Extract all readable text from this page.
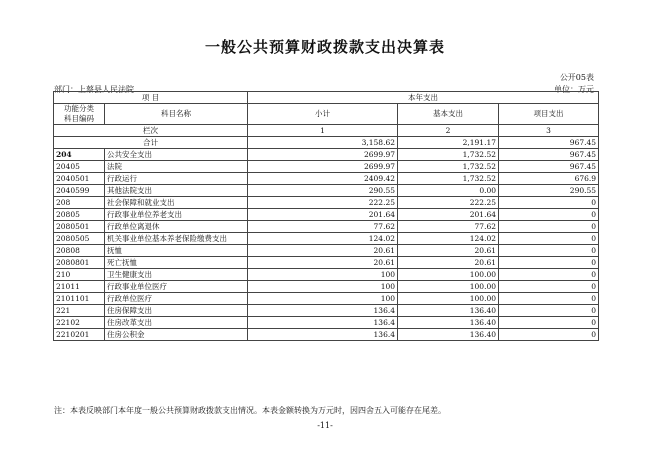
一般公共预算财政拨款支出决算表
公开05表
部门：上蔡县人民法院	单位：万元
项 目		本年支出		

功能分类
科目编码	科目名称	小计	基本支出	项目支出
栏次		1	2	3
合计		3,158.62	2,191.17	967.45
204	公共安全支出	2699.97	1,732.52	967.45
20405	法院	2699.97	1,732.52	967.45
2040501	行政运行	2409.42	1,732.52	676.9
2040599	其他法院支出	290.55	0.00	290.55
208	社会保障和就业支出	222.25	222.25	0
20805	行政事业单位养老支出	201.64	201.64	0
2080501	行政单位离退休	77.62	77.62	0
2080505	机关事业单位基本养老保险缴费支出	124.02	124.02	0
20808	抚恤	20.61	20.61	0
2080801	死亡抚恤	20.61	20.61	0
210	卫生健康支出	100	100.00	0
21011	行政事业单位医疗	100	100.00	0
2101101	行政单位医疗	100	100.00	0
221	住房保障支出	136.4	136.40	0
22102	住房改革支出	136.4	136.40	0
2210201	住房公积金	136.4	136.40	0
注：本表反映部门本年度一般公共预算财政拨款支出情况。本表金额转换为万元时，因四舍五入可能存在尾差。
-11-
